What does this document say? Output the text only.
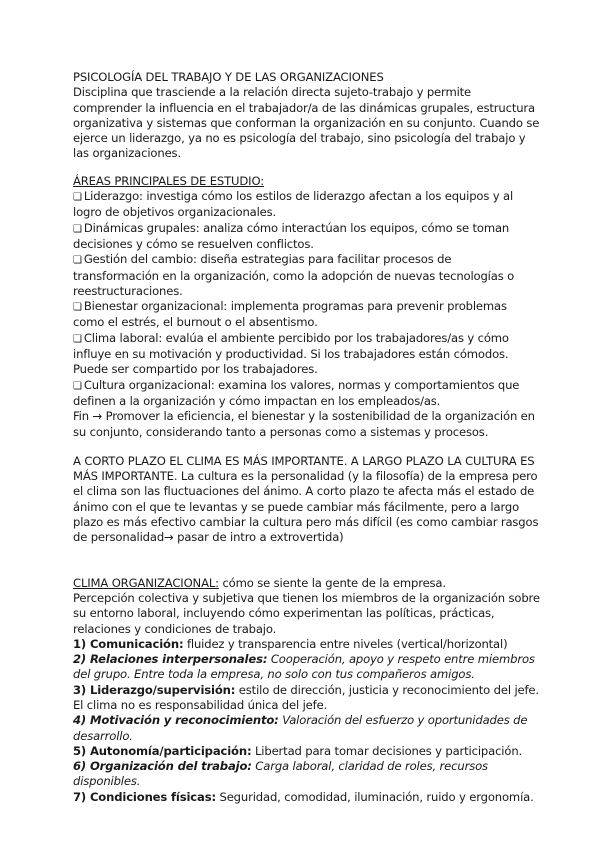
PSICOLOGÍA DEL TRABAJO Y DE LAS ORGANIZACIONES

Disciplina que trasciende a la relación directa sujeto-trabajo y permite comprender la influencia en el trabajador/a de las dinámicas grupales, estructura organizativa y sistemas que conforman la organización en su conjunto. Cuando se ejerce un liderazgo, ya no es psicología del trabajo, sino psicología del trabajo y las organizaciones.

ÁREAS PRINCIPALES DE ESTUDIO:

❏ Liderazgo: investiga cómo los estilos de liderazgo afectan a los equipos y al logro de objetivos organizacionales.

❏ Dinámicas grupales: analiza cómo interactúan los equipos, cómo se toman decisiones y cómo se resuelven conflictos.

❏ Gestión del cambio: diseña estrategias para facilitar procesos de transformación en la organización, como la adopción de nuevas tecnologías o reestructuraciones.

❏ Bienestar organizacional: implementa programas para prevenir problemas como el estrés, el burnout o el absentismo.

❏ Clima laboral: evalúa el ambiente percibido por los trabajadores/as y cómo influye en su motivación y productividad. Si los trabajadores están cómodos. Puede ser compartido por los trabajadores.

❏ Cultura organizacional: examina los valores, normas y comportamientos que definen a la organización y cómo impactan en los empleados/as.

Fin → Promover la eficiencia, el bienestar y la sostenibilidad de la organización en su conjunto, considerando tanto a personas como a sistemas y procesos.

A CORTO PLAZO EL CLIMA ES MÁS IMPORTANTE. A LARGO PLAZO LA CULTURA ES MÁS IMPORTANTE. La cultura es la personalidad (y la filosofía) de la empresa pero el clima son las fluctuaciones del ánimo. A corto plazo te afecta más el estado de ánimo con el que te levantas y se puede cambiar más fácilmente, pero a largo plazo es más efectivo cambiar la cultura pero más difícil (es como cambiar rasgos de personalidad→ pasar de intro a extrovertida)

CLIMA ORGANIZACIONAL: cómo se siente la gente de la empresa.

Percepción colectiva y subjetiva que tienen los miembros de la organización sobre su entorno laboral, incluyendo cómo experimentan las políticas, prácticas, relaciones y condiciones de trabajo.

1) Comunicación: fluidez y transparencia entre niveles (vertical/horizontal)

2) Relaciones interpersonales: Cooperación, apoyo y respeto entre miembros del grupo. Entre toda la empresa, no solo con tus compañeros amigos.

3) Liderazgo/supervisión: estilo de dirección, justicia y reconocimiento del jefe. El clima no es responsabilidad única del jefe.

4) Motivación y reconocimiento: Valoración del esfuerzo y oportunidades de desarrollo.

5) Autonomía/participación: Libertad para tomar decisiones y participación.

6) Organización del trabajo: Carga laboral, claridad de roles, recursos disponibles.

7) Condiciones físicas: Seguridad, comodidad, iluminación, ruido y ergonomía.
